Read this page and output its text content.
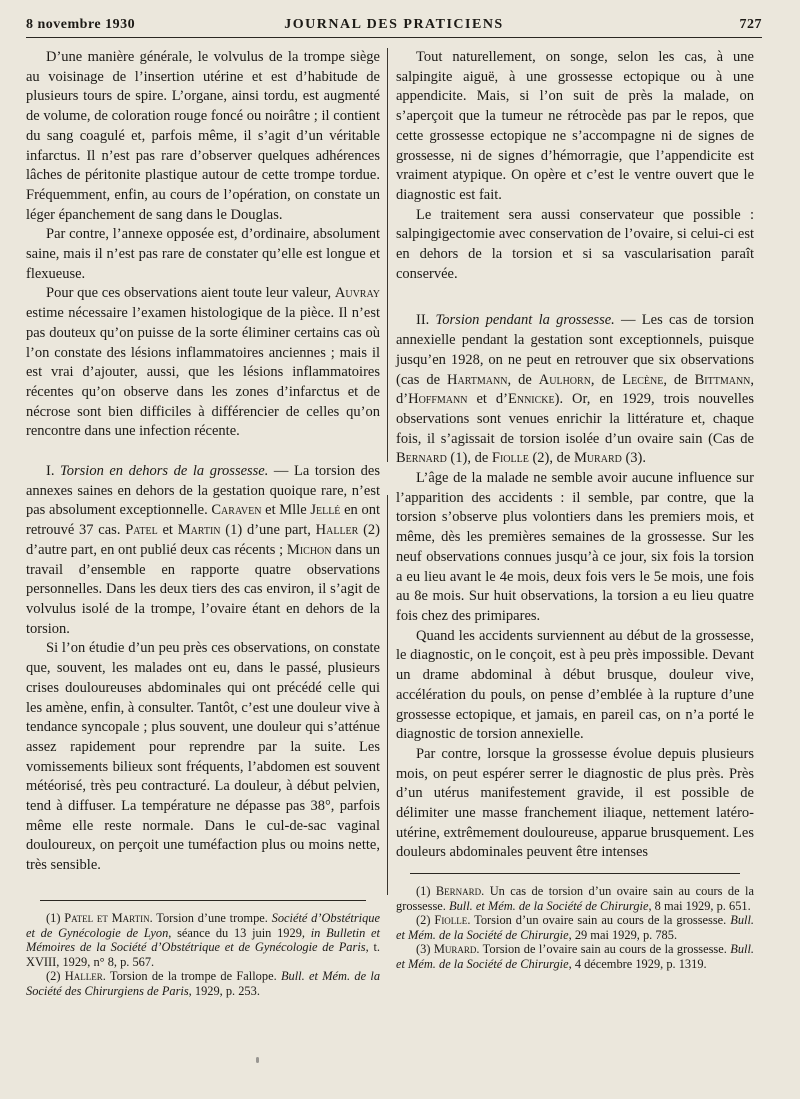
8 novembre 1930	JOURNAL DES PRATICIENS	727

D’une manière générale, le volvulus de la trompe siège au voisinage de l’insertion utérine et est d’habitude de plusieurs tours de spire. L’organe, ainsi tordu, est augmenté de volume, de coloration rouge foncé ou noirâtre ; il contient du sang coagulé et, parfois même, il s’agit d’un véritable infarctus. Il n’est pas rare d’observer quelques adhérences lâches de péritonite plastique autour de cette trompe tordue. Fréquemment, enfin, au cours de l’opération, on constate un léger épanchement de sang dans le Douglas.

Par contre, l’annexe opposée est, d’ordinaire, absolument saine, mais il n’est pas rare de constater qu’elle est longue et flexueuse.

Pour que ces observations aient toute leur valeur, Auvray estime nécessaire l’examen histologique de la pièce. Il n’est pas douteux qu’on puisse de la sorte éliminer certains cas où l’on constate des lésions inflammatoires anciennes ; mais il est vrai d’ajouter, aussi, que les lésions inflammatoires récentes qu’on observe dans les zones d’infarctus et de nécrose sont bien difficiles à différencier de celles qu’on rencontre dans une infection récente.

I. Torsion en dehors de la grossesse. — La torsion des annexes saines en dehors de la gestation quoique rare, n’est pas absolument exceptionnelle. Caraven et Mlle Jellé en ont retrouvé 37 cas. Patel et Martin (1) d’une part, Haller (2) d’autre part, en ont publié deux cas récents ; Michon dans un travail d’ensemble en rapporte quatre observations personnelles. Dans les deux tiers des cas environ, il s’agit de volvulus isolé de la trompe, l’ovaire étant en dehors de la torsion.

Si l’on étudie d’un peu près ces observations, on constate que, souvent, les malades ont eu, dans le passé, plusieurs crises douloureuses abdominales qui ont précédé celle qui les amène, enfin, à consulter. Tantôt, c’est une douleur vive à tendance syncopale ; plus souvent, une douleur qui s’atténue assez rapidement pour reprendre par la suite. Les vomissements bilieux sont fréquents, l’abdomen est souvent météorisé, très peu contracturé. La douleur, à début pelvien, tend à diffuser. La température ne dépasse pas 38°, parfois même elle reste normale. Dans le cul-de-sac vaginal douloureux, on perçoit une tuméfaction plus ou moins nette, très sensible.

(1) Patel et Martin. Torsion d’une trompe. Société d’Obstétrique et de Gynécologie de Lyon, séance du 13 juin 1929, in Bulletin et Mémoires de la Société d’Obstétrique et de Gynécologie de Paris, t. XVIII, 1929, n° 8, p. 567.

(2) Haller. Torsion de la trompe de Fallope. Bull. et Mém. de la Société des Chirurgiens de Paris, 1929, p. 253.

Tout naturellement, on songe, selon les cas, à une salpingite aiguë, à une grossesse ectopique ou à une appendicite. Mais, si l’on suit de près la malade, on s’aperçoit que la tumeur ne rétrocède pas par le repos, que cette grossesse ectopique ne s’accompagne ni de signes de grossesse, ni de signes d’hémorragie, que l’appendicite est vraiment atypique. On opère et c’est le ventre ouvert que le diagnostic est fait.

Le traitement sera aussi conservateur que possible : salpingigectomie avec conservation de l’ovaire, si celui-ci est en dehors de la torsion et si sa vascularisation paraît conservée.

II. Torsion pendant la grossesse. — Les cas de torsion annexielle pendant la gestation sont exceptionnels, puisque jusqu’en 1928, on ne peut en retrouver que six observations (cas de Hartmann, de Aulhorn, de Lecène, de Bittmann, d’Hoffmann et d’Ennicke). Or, en 1929, trois nouvelles observations sont venues enrichir la littérature et, chaque fois, il s’agissait de torsion isolée d’un ovaire sain (Cas de Bernard (1), de Fiolle (2), de Murard (3).

L’âge de la malade ne semble avoir aucune influence sur l’apparition des accidents : il semble, par contre, que la torsion s’observe plus volontiers dans les premiers mois, et même, dès les premières semaines de la grossesse. Sur les neuf observations connues jusqu’à ce jour, six fois la torsion a eu lieu avant le 4e mois, deux fois vers le 5e mois, une fois au 8e mois. Sur huit observations, la torsion a eu lieu quatre fois chez des primipares.

Quand les accidents surviennent au début de la grossesse, le diagnostic, on le conçoit, est à peu près impossible. Devant un drame abdominal à début brusque, douleur vive, accélération du pouls, on pense d’emblée à la rupture d’une grossesse ectopique, et jamais, en pareil cas, on n’a porté le diagnostic de torsion annexielle.

Par contre, lorsque la grossesse évolue depuis plusieurs mois, on peut espérer serrer le diagnostic de plus près. Près d’un utérus manifestement gravide, il est possible de délimiter une masse franchement iliaque, nettement latéro-utérine, extrêmement douloureuse, apparue brusquement. Les douleurs abdominales peuvent être intenses

(1) Bernard. Un cas de torsion d’un ovaire sain au cours de la grossesse. Bull. et Mém. de la Société de Chirurgie, 8 mai 1929, p. 651.

(2) Fiolle. Torsion d’un ovaire sain au cours de la grossesse. Bull. et Mém. de la Société de Chirurgie, 29 mai 1929, p. 785.

(3) Murard. Torsion de l’ovaire sain au cours de la grossesse. Bull. et Mém. de la Société de Chirurgie, 4 décembre 1929, p. 1319.
